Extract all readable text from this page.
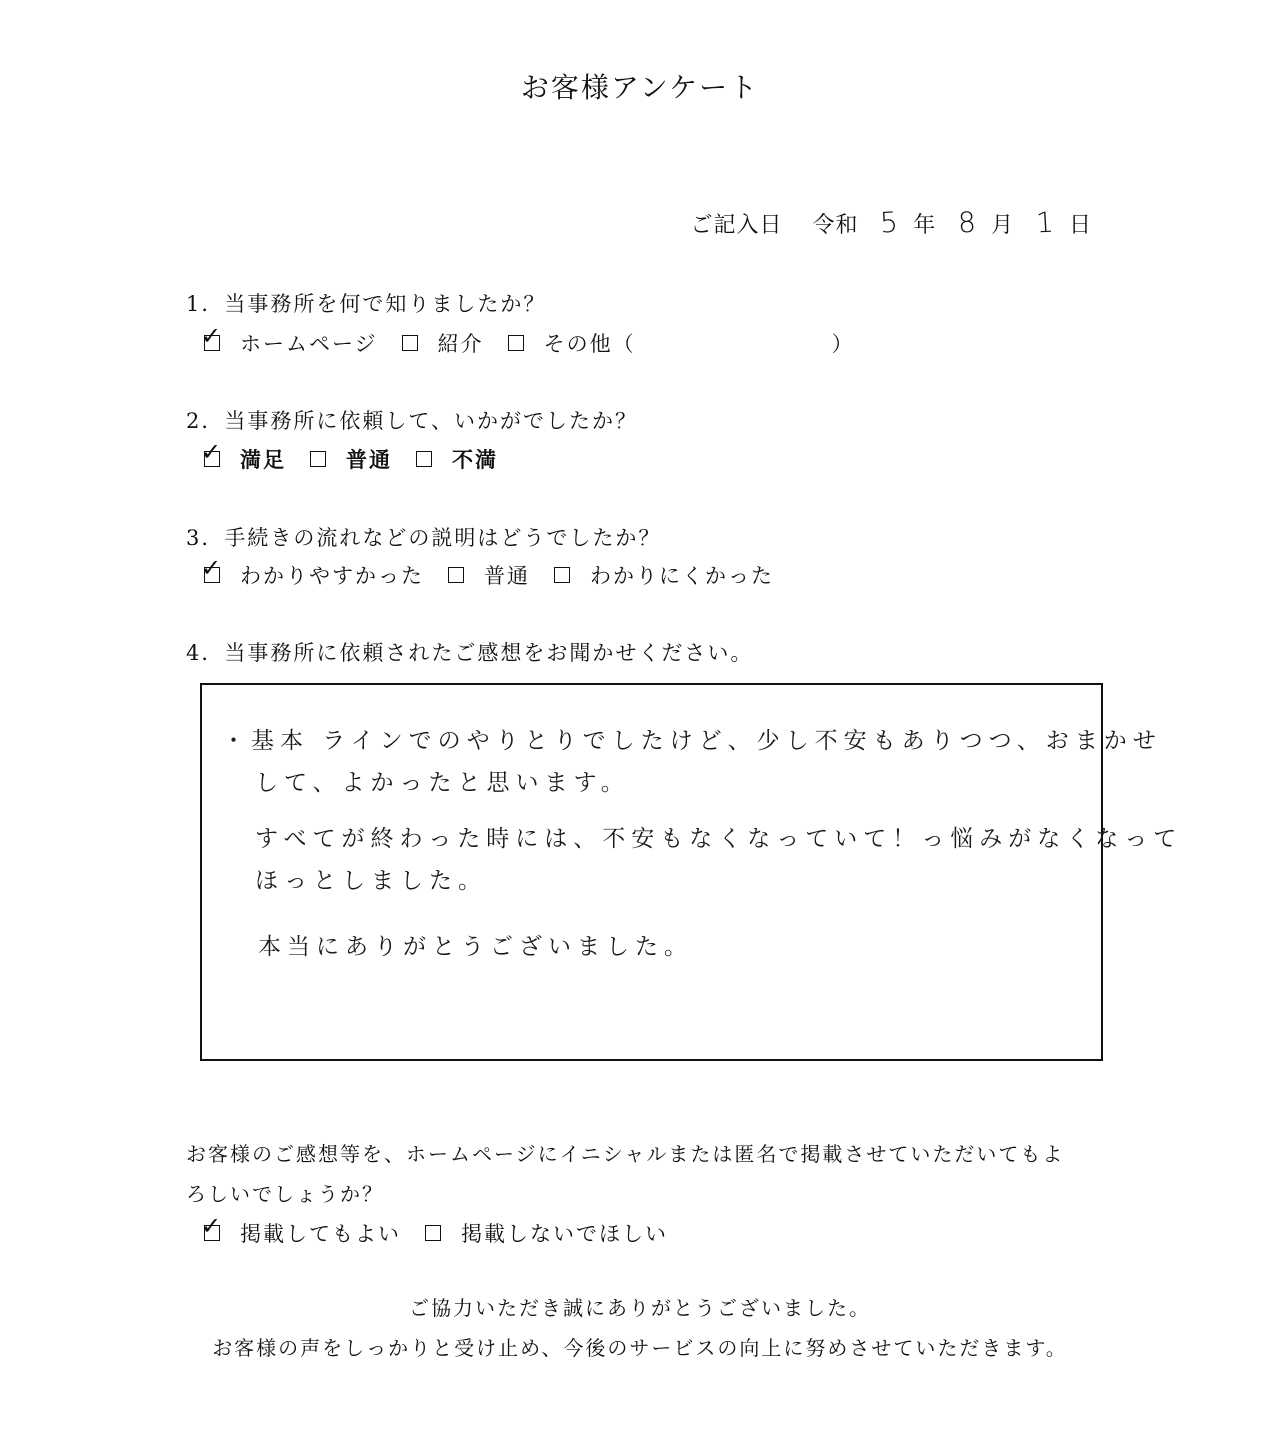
お客様アンケート
ご記入日 令和 5 年 8 月 1 日
1．当事務所を何で知りましたか？
✓ ホームページ	紹介	その他（	）
2．当事務所に依頼して、いかがでしたか？
✓ 満足	普通	不満
3．手続きの流れなどの説明はどうでしたか？
✓ わかりやすかった	普通	わかりにくかった
4．当事務所に依頼されたご感想をお聞かせください。
・基本 ラインでのやりとりでしたけど、少し不安もありつつ、おまかせ
して、よかったと思います。
すべてが終わった時には、不安もなくなっていて！っ悩みがなくなって
ほっとしました。
本当にありがとうございました。
お客様のご感想等を、ホームページにイニシャルまたは匿名で掲載させていただいてもよ
ろしいでしょうか？
✓ 掲載してもよい	掲載しないでほしい
ご協力いただき誠にありがとうございました。
お客様の声をしっかりと受け止め、今後のサービスの向上に努めさせていただきます。
